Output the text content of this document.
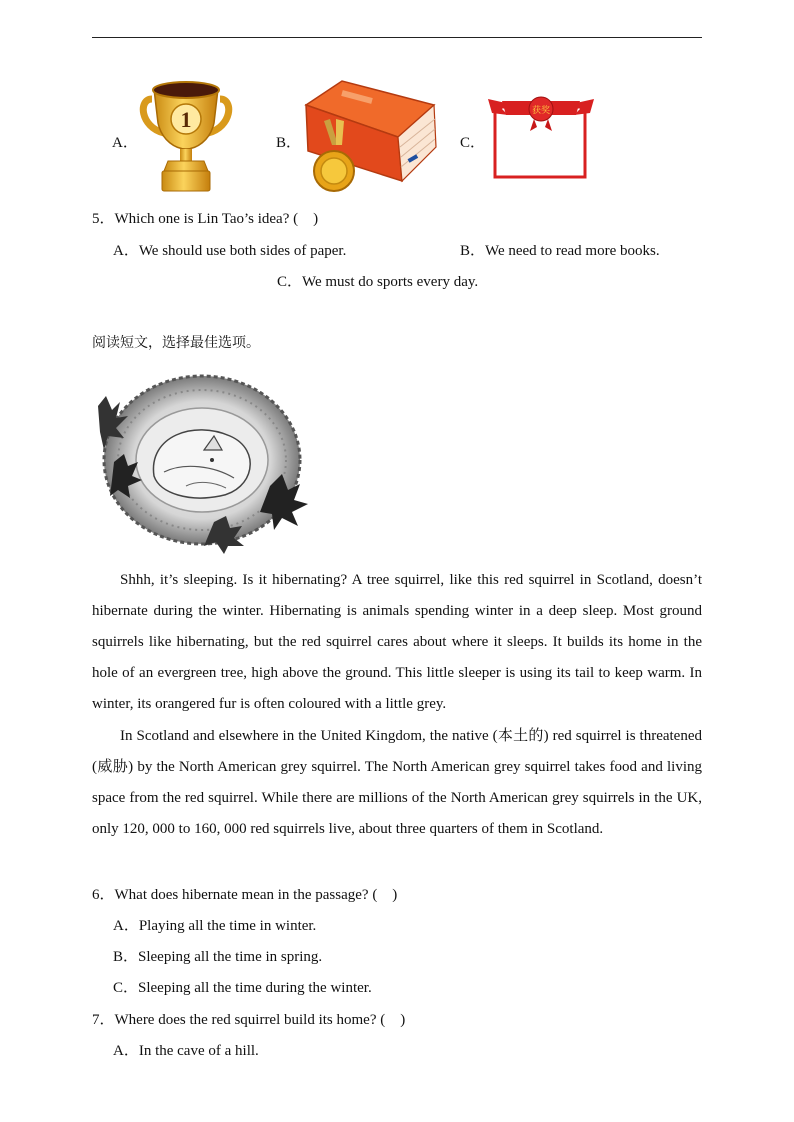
A．
1
B．	C．
获奖
5．Which one is Lin Tao’s idea? (　)
A．We should use both sides of paper.	B．We need to read more books.
C．We must do sports every day.
阅读短文，选择最佳选项。
Shhh, it’s sleeping. Is it hibernating? A tree squirrel, like this red squirrel in Scotland, doesn’t hibernate during the winter. Hibernating is animals spending winter in a deep sleep. Most ground squirrels like hibernating, but the red squirrel cares about where it sleeps. It builds its home in the hole of an evergreen tree, high above the ground. This little sleeper is using its tail to keep warm. In winter, its orangered fur is often coloured with a little grey.
In Scotland and elsewhere in the United Kingdom, the native (本土的) red squirrel is threatened (威胁) by the North American grey squirrel. The North American grey squirrel takes food and living space from the red squirrel. While there are millions of the North American grey squirrels in the UK, only 120, 000 to 160, 000 red squirrels live, about three quarters of them in Scotland.
6．What does hibernate mean in the passage? (　)
A．Playing all the time in winter.
B．Sleeping all the time in spring.
C．Sleeping all the time during the winter.
7．Where does the red squirrel build its home? (　)
A．In the cave of a hill.
